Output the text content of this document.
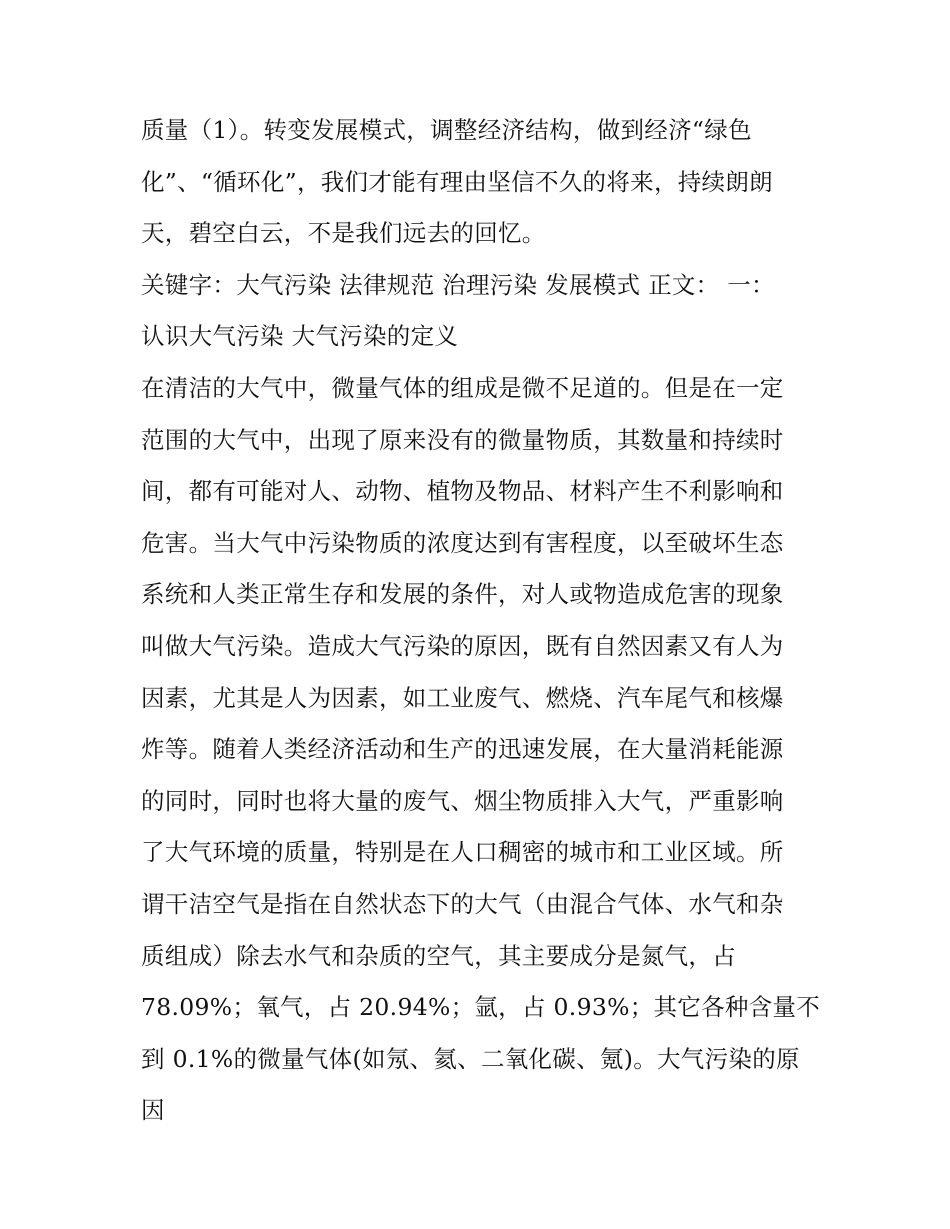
质量（1）。转变发展模式，调整经济结构，做到经济“绿色
化”、“循环化”，我们才能有理由坚信不久的将来，持续朗朗
天，碧空白云，不是我们远去的回忆。
关键字：大气污染 法律规范 治理污染 发展模式 正文： 一：
认识大气污染 大气污染的定义
在清洁的大气中，微量气体的组成是微不足道的。但是在一定
范围的大气中，出现了原来没有的微量物质，其数量和持续时
间，都有可能对人、动物、植物及物品、材料产生不利影响和
危害。当大气中污染物质的浓度达到有害程度，以至破坏生态
系统和人类正常生存和发展的条件，对人或物造成危害的现象
叫做大气污染。造成大气污染的原因，既有自然因素又有人为
因素，尤其是人为因素，如工业废气、燃烧、汽车尾气和核爆
炸等。随着人类经济活动和生产的迅速发展，在大量消耗能源
的同时，同时也将大量的废气、烟尘物质排入大气，严重影响
了大气环境的质量，特别是在人口稠密的城市和工业区域。所
谓干洁空气是指在自然状态下的大气（由混合气体、水气和杂
质组成）除去水气和杂质的空气，其主要成分是氮气，占
78.09%；氧气，占 20.94%；氩，占 0.93%；其它各种含量不
到 0.1%的微量气体(如氖、氦、二氧化碳、氪)。大气污染的原
因
